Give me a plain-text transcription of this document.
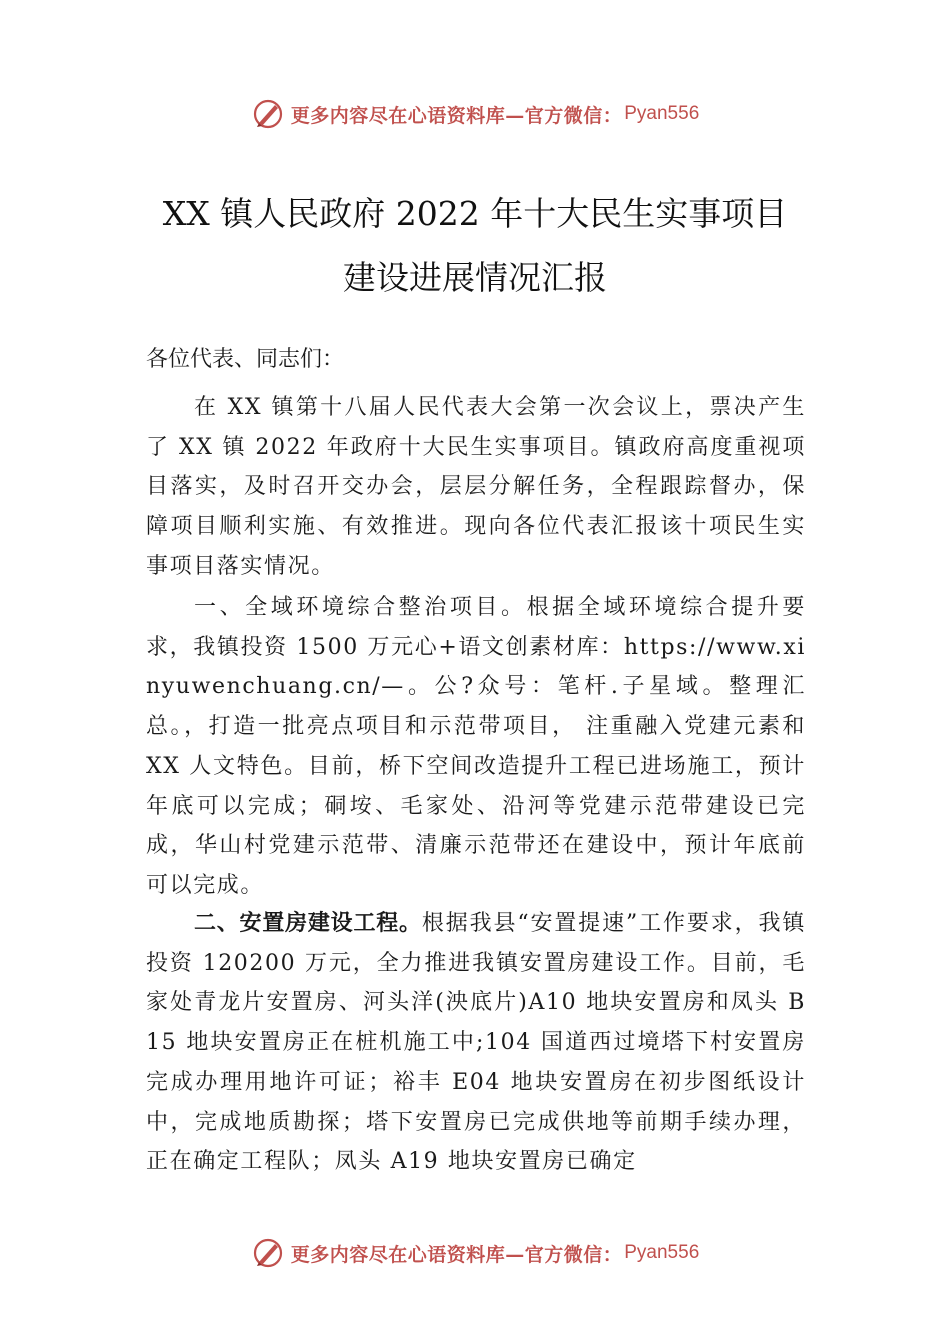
更多内容尽在心语资料库—官方微信： Pyan556
XX 镇人民政府 2022 年十大民生实事项目
建设进展情况汇报

各位代表、同志们：

在 XX 镇第十八届人民代表大会第一次会议上，票决产生了 XX 镇 2022 年政府十大民生实事项目。镇政府高度重视项目落实，及时召开交办会，层层分解任务，全程跟踪督办，保障项目顺利实施、有效推进。现向各位代表汇报该十项民生实事项目落实情况。

一、全域环境综合整治项目。根据全域环境综合提升要求，我镇投资 1500 万元心+语文创素材库：https://www.xinyuwenchuang.cn/—。公?众号：笔杆.子星域。整理汇总。，打造一批亮点项目和示范带项目， 注重融入党建元素和 XX 人文特色。目前，桥下空间改造提升工程已进场施工，预计年底可以完成；硐垵、毛家处、沿河等党建示范带建设已完成，华山村党建示范带、清廉示范带还在建设中，预计年底前可以完成。

二、安置房建设工程。根据我县“安置提速”工作要求，我镇投资 120200 万元，全力推进我镇安置房建设工作。目前，毛家处青龙片安置房、河头洋(泱底片)A10 地块安置房和凤头 B15 地块安置房正在桩机施工中;104 国道西过境塔下村安置房完成办理用地许可证；裕丰 E04 地块安置房在初步图纸设计中，完成地质勘探；塔下安置房已完成供地等前期手续办理，正在确定工程队；凤头 A19 地块安置房已确定

更多内容尽在心语资料库—官方微信： Pyan556
